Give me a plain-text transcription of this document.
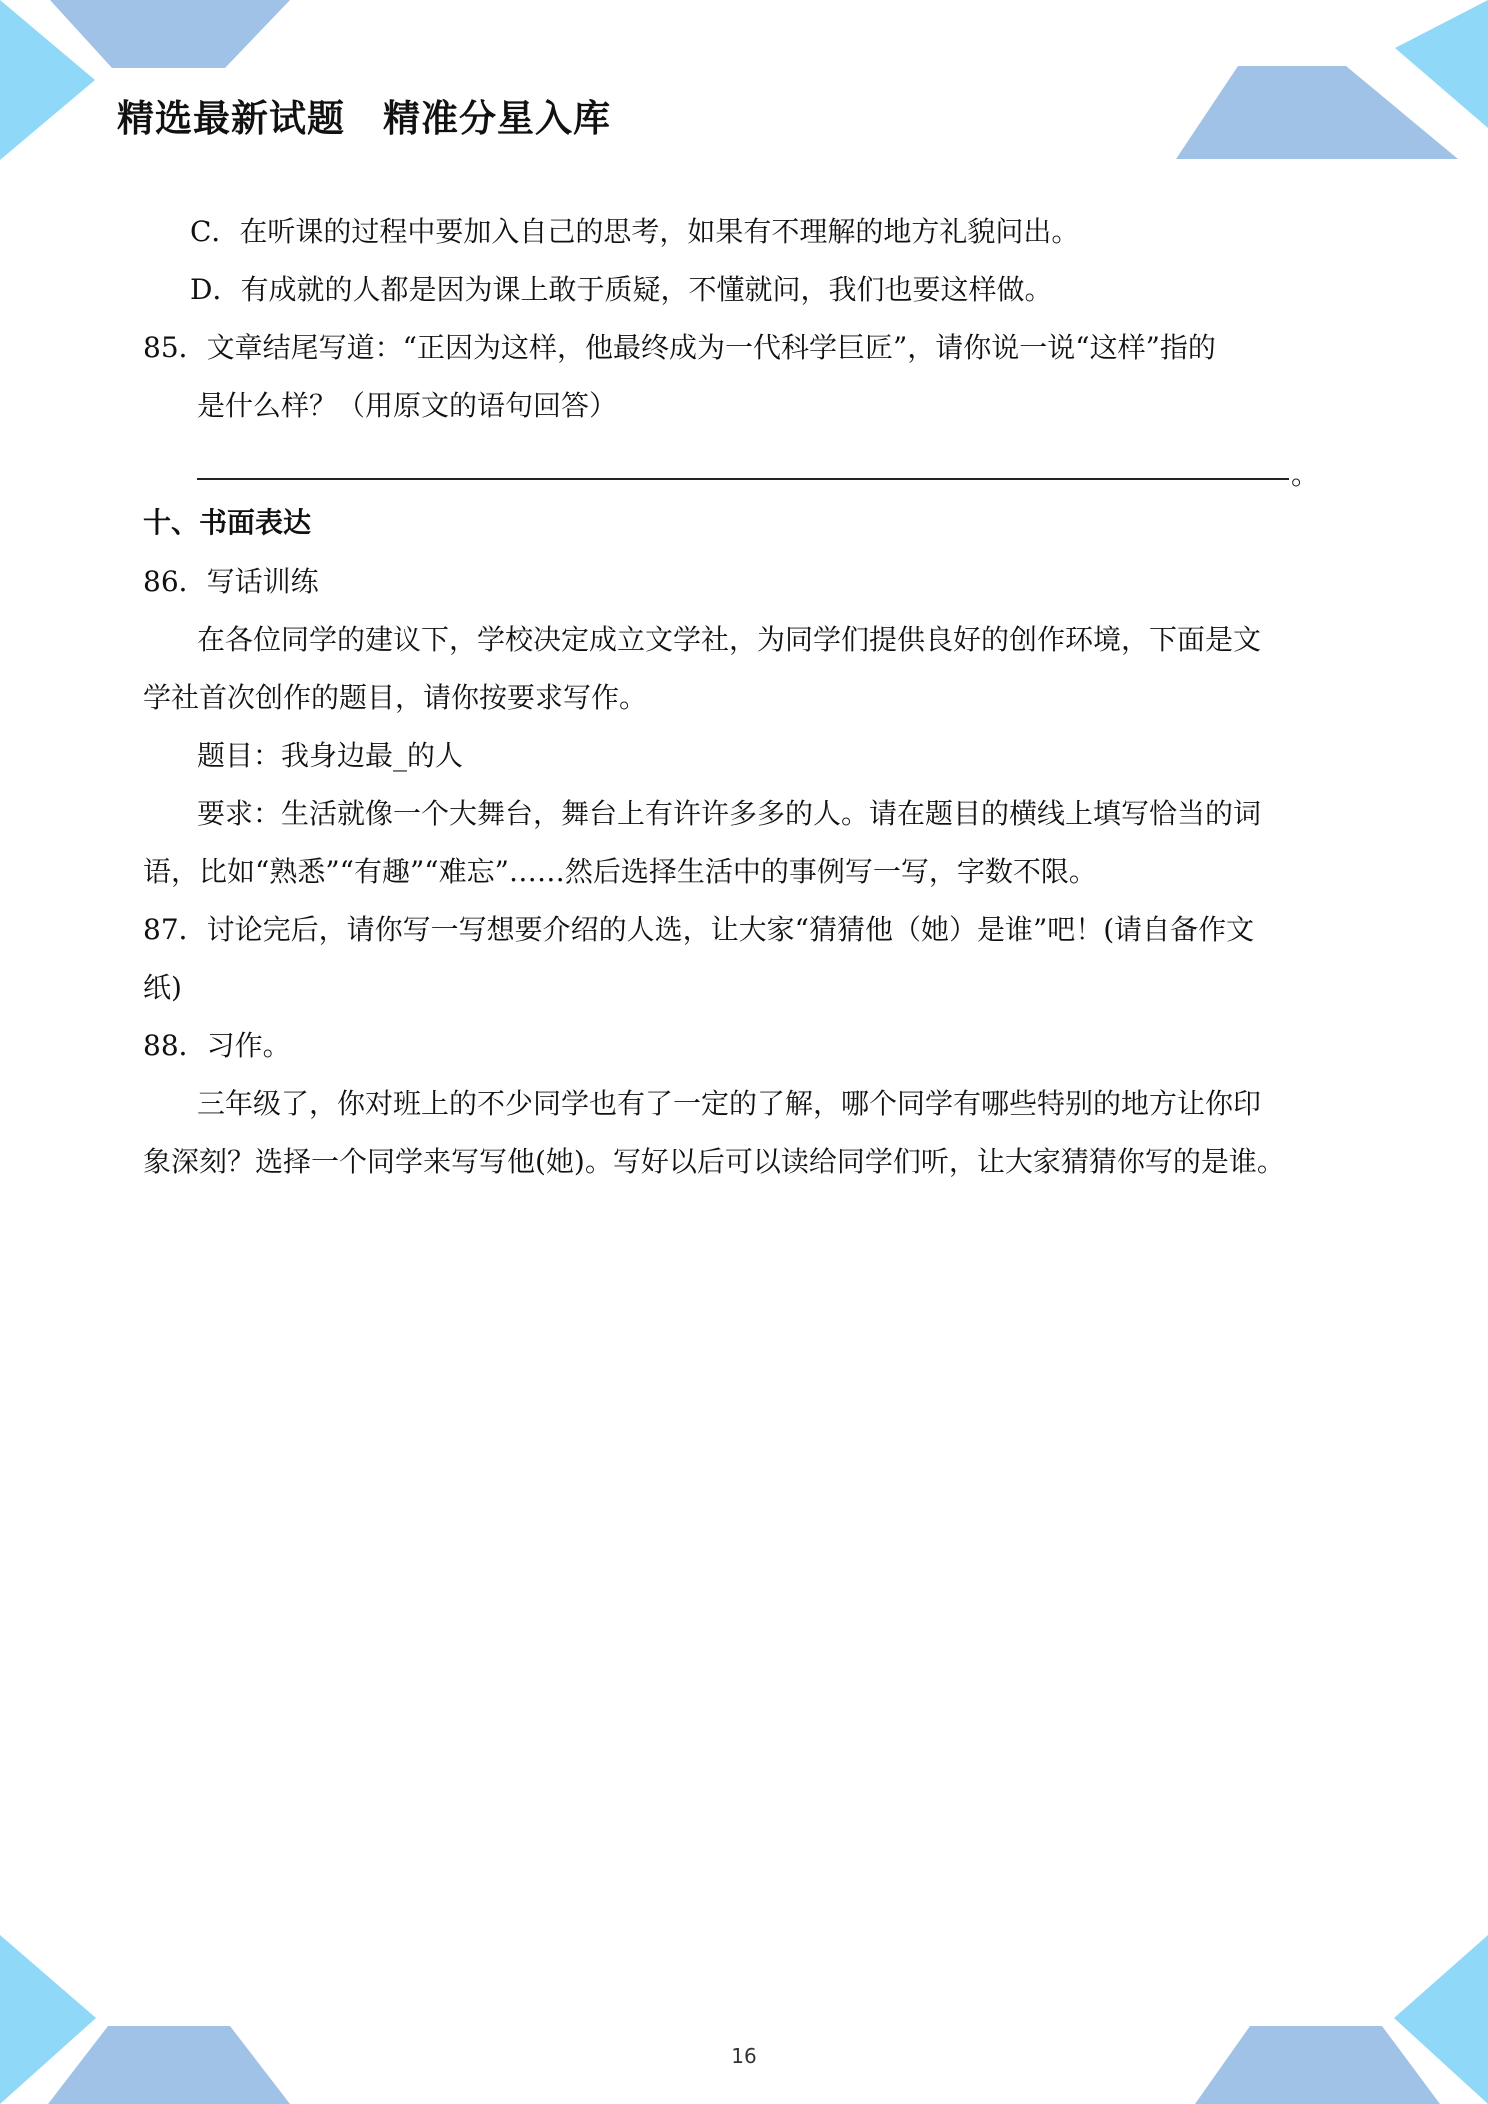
精选最新试题　精准分星入库
C．在听课的过程中要加入自己的思考，如果有不理解的地方礼貌问出。
D．有成就的人都是因为课上敢于质疑，不懂就问，我们也要这样做。
85．文章结尾写道：“正因为这样，他最终成为一代科学巨匠”，请你说一说“这样”指的
是什么样？（用原文的语句回答）
。
十、书面表达
86．写话训练
在各位同学的建议下，学校决定成立文学社，为同学们提供良好的创作环境，下面是文
学社首次创作的题目，请你按要求写作。
题目：我身边最_的人
要求：生活就像一个大舞台，舞台上有许许多多的人。请在题目的横线上填写恰当的词
语，比如“熟悉”“有趣”“难忘”……然后选择生活中的事例写一写，字数不限。
87．讨论完后，请你写一写想要介绍的人选，让大家“猜猜他（她）是谁”吧！(请自备作文
纸)
88．习作。
三年级了，你对班上的不少同学也有了一定的了解，哪个同学有哪些特别的地方让你印
象深刻？选择一个同学来写写他(她)。写好以后可以读给同学们听，让大家猜猜你写的是谁。
16
